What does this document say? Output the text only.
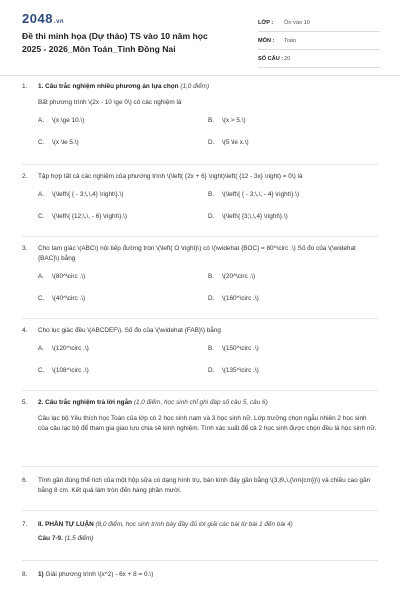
2048.vn
Đề thi minh họa (Dự thảo) TS vào 10 năm học 2025 - 2026_Môn Toán_Tỉnh Đồng Nai
LỚP :	Ôn vào 10
MÔN :	Toán
SỐ CÂU : 20
1. 1. Câu trắc nghiệm nhiều phương án lựa chọn (1,0 điểm)
Bất phương trình \(2x - 10 \ge 0\) có các nghiệm là
A.	\(x \ge 10.\)	B.	\(x > 5.\)
C.	\(x \le 5.\)	D.	\(5 \le x.\)
2. Tập hợp tất cả các nghiệm của phương trình \(\left( {2x + 6} \right)\left( {12 - 3x} \right) = 0\) là
A.	\(\left\{ { - 3;\,\,4} \right\}.\)	B.	\(\left\{ { - 3;\,\, - 4} \right\}.\)
C.	\(\left\{ {12;\,\, - 6} \right\}.\)	D.	\(\left\{ {3;\,\,4} \right\}.\)
3. Cho tam giác \(ABC\) nội tiếp đường tròn \(\left( O \right)\) có \(\widehat {BOC} = 80^\circ .\) Số đo của \(\widehat {BAC}\) bằng
A.	\(80^\circ .\)	B.	\(20^\circ .\)
C.	\(40^\circ .\)	D.	\(160^\circ .\)
4. Cho lục giác đều \(ABCDEF\). Số đo của \(\widehat {FAB}\) bằng
A.	\(120^\circ .\)	B.	\(150^\circ .\)
C.	\(108^\circ .\)	D.	\(135^\circ .\)
5. 2. Câu trắc nghiệm trả lời ngắn (1,0 điểm, học sinh chỉ ghi đáp số câu 5, câu 6)
Câu lạc bộ Yêu thích học Toán của lớp có 2 học sinh nam và 3 học sinh nữ. Lớp trưởng chọn ngẫu nhiên 2 học sinh của câu lạc bộ để tham gia giao lưu chia sẻ kinh nghiệm. Tính xác suất để cả 2 học sinh được chọn đều là học sinh nữ.
6. Tính gần đúng thể tích của một hộp sữa có dạng hình trụ, bán kính đáy gần bằng \(3,8\,\,{\rm{cm}}\) và chiều cao gần bằng 8 cm. Kết quả làm tròn đến hàng phần mười.
7. II. PHẦN TỰ LUẬN (8,0 điểm, học sinh trình bày đầy đủ lời giải các bài từ bài 1 đến bài 4)
Câu 7-9. (1,5 điểm)
8. 1) Giải phương trình \(x^2) - 6x + 8 = 0.\)
